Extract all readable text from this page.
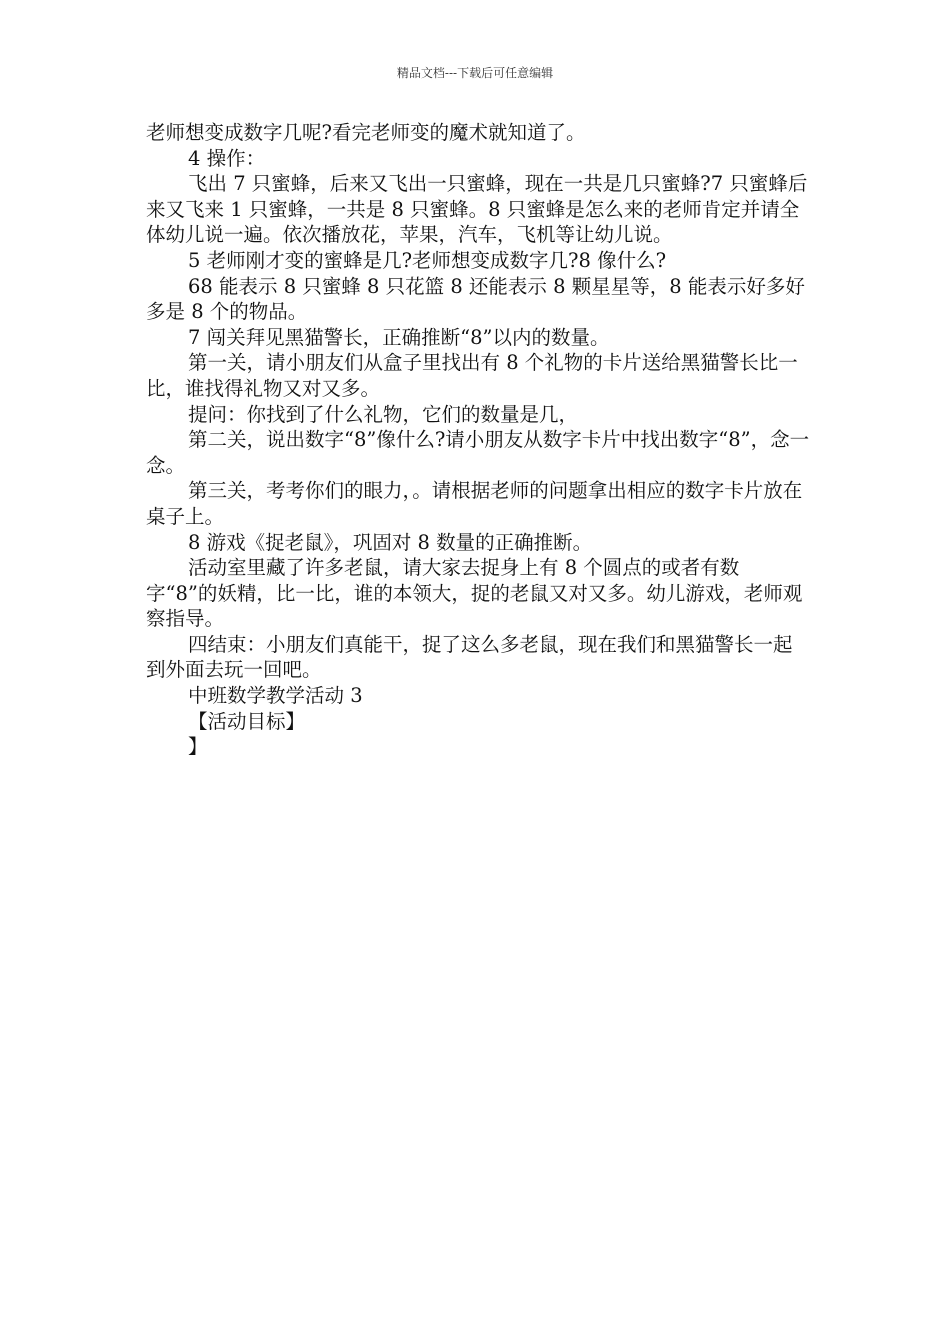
精品文档---下载后可任意编辑

老师想变成数字几呢?看完老师变的魔术就知道了。

4 操作：

飞出 7 只蜜蜂，后来又飞出一只蜜蜂，现在一共是几只蜜蜂?7 只蜜蜂后来又飞来 1 只蜜蜂，一共是 8 只蜜蜂。8 只蜜蜂是怎么来的老师肯定并请全体幼儿说一遍。依次播放花，苹果，汽车，飞机等让幼儿说。

5 老师刚才变的蜜蜂是几?老师想变成数字几?8 像什么?

68 能表示 8 只蜜蜂 8 只花篮 8 还能表示 8 颗星星等，8 能表示好多好多是 8 个的物品。

7 闯关拜见黑猫警长，正确推断“8”以内的数量。

第一关，请小朋友们从盒子里找出有 8 个礼物的卡片送给黑猫警长比一比，谁找得礼物又对又多。

提问：你找到了什么礼物，它们的数量是几，

第二关，说出数字“8”像什么?请小朋友从数字卡片中找出数字“8”，念一念。

第三关，考考你们的眼力，。请根据老师的问题拿出相应的数字卡片放在桌子上。

8 游戏《捉老鼠》，巩固对 8 数量的正确推断。

活动室里藏了许多老鼠，请大家去捉身上有 8 个圆点的或者有数字“8”的妖精，比一比，谁的本领大，捉的老鼠又对又多。幼儿游戏，老师观察指导。

四结束：小朋友们真能干，捉了这么多老鼠，现在我们和黑猫警长一起到外面去玩一回吧。

中班数学教学活动 3

【活动目标】

】
